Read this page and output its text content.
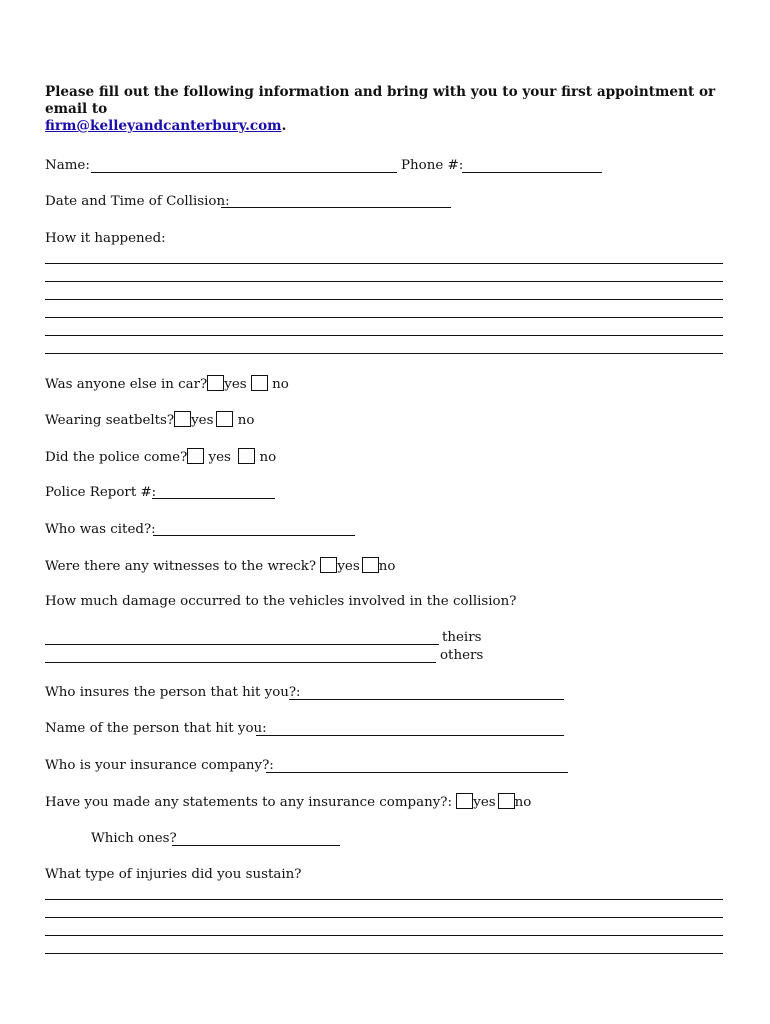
Please fill out the following information and bring with you to your first appointment or email to
firm@kelleyandcanterbury.com.
Name:	Phone #:
Date and Time of Collision:
How it happened:
Was anyone else in car? yes no
Wearing seatbelts? yes no
Did the police come? yes no
Police Report #:
Who was cited?:
Were there any witnesses to the wreck? yes no
How much damage occurred to the vehicles involved in the collision?
theirs
others
Who insures the person that hit you?:
Name of the person that hit you:
Who is your insurance company?:
Have you made any statements to any insurance company?: yes no
Which ones?
What type of injuries did you sustain?
